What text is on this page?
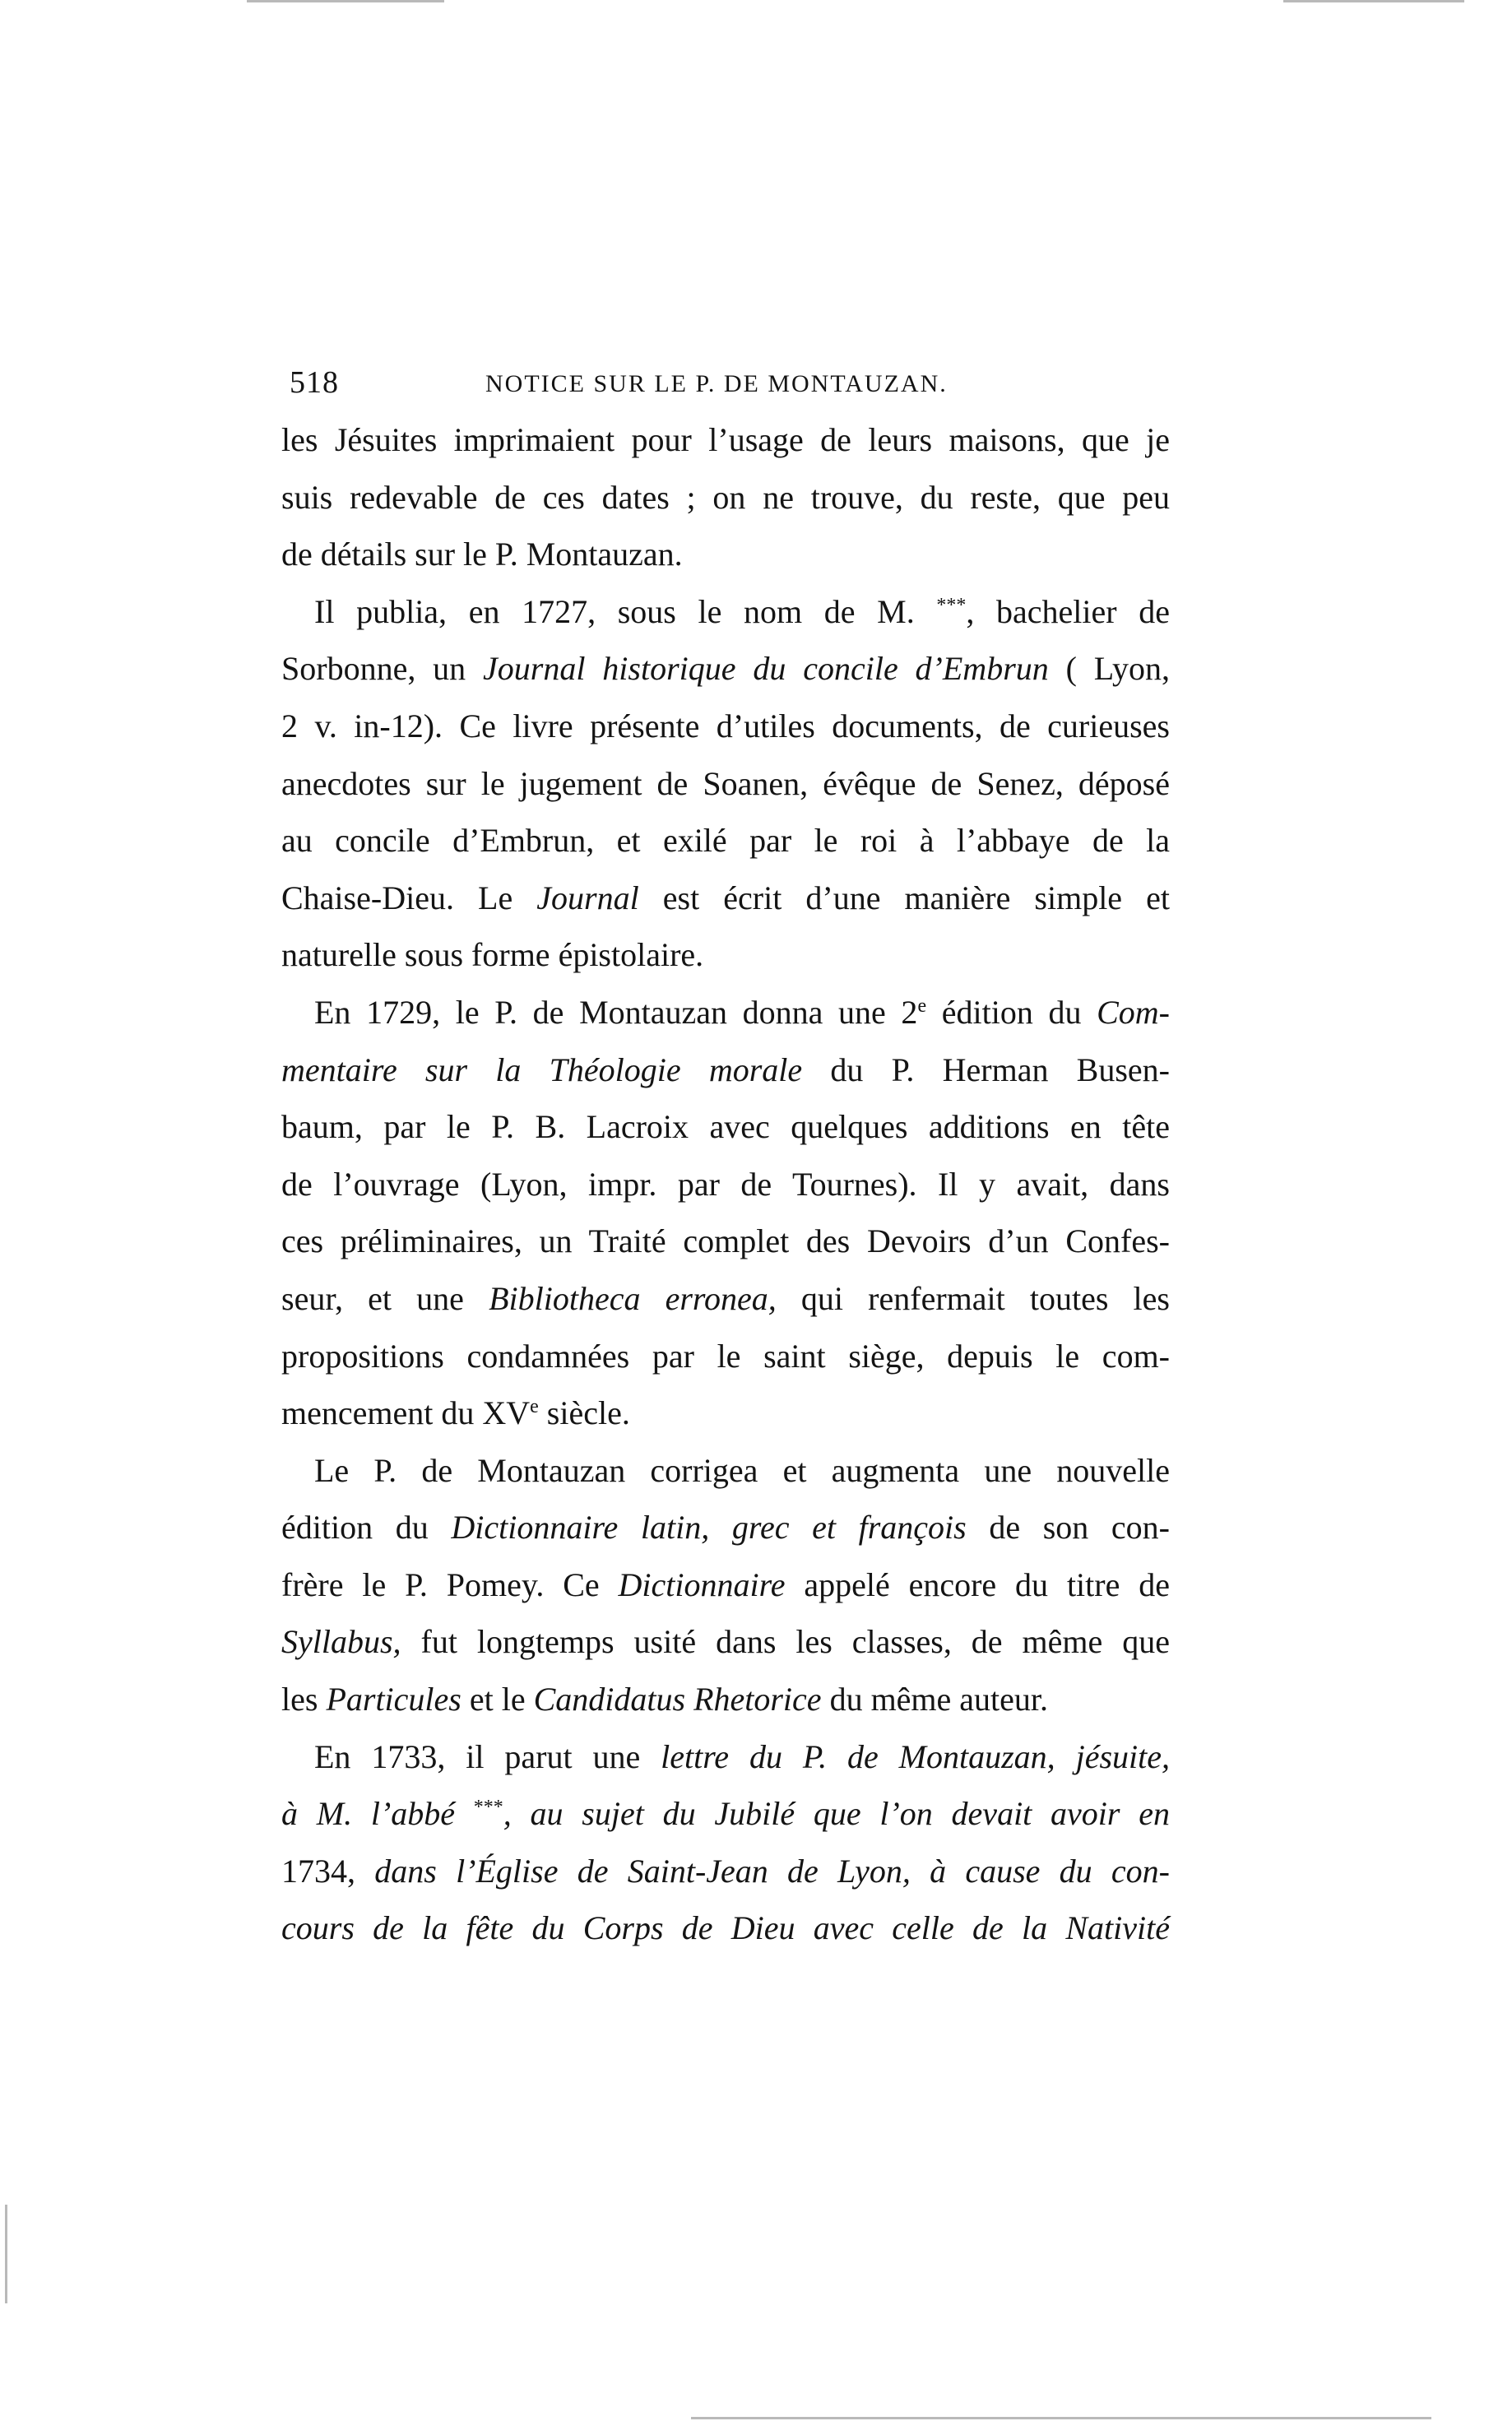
518	NOTICE SUR LE P. DE MONTAUZAN.
les Jésuites imprimaient pour l’usage de leurs maisons, que je
suis redevable de ces dates ; on ne trouve, du reste, que peu
de détails sur le P. Montauzan.
Il publia, en 1727, sous le nom de M. ***, bachelier de
Sorbonne, un Journal historique du concile d’Embrun ( Lyon,
2 v. in-12). Ce livre présente d’utiles documents, de curieuses
anecdotes sur le jugement de Soanen, évêque de Senez, déposé
au concile d’Embrun, et exilé par le roi à l’abbaye de la
Chaise-Dieu. Le Journal est écrit d’une manière simple et
naturelle sous forme épistolaire.
En 1729, le P. de Montauzan donna une 2e édition du Com-
mentaire sur la Théologie morale du P. Herman Busen-
baum, par le P. B. Lacroix avec quelques additions en tête
de l’ouvrage (Lyon, impr. par de Tournes). Il y avait, dans
ces préliminaires, un Traité complet des Devoirs d’un Confes-
seur, et une Bibliotheca erronea, qui renfermait toutes les
propositions condamnées par le saint siège, depuis le com-
mencement du XVe siècle.
Le P. de Montauzan corrigea et augmenta une nouvelle
édition du Dictionnaire latin, grec et françois de son con-
frère le P. Pomey. Ce Dictionnaire appelé encore du titre de
Syllabus, fut longtemps usité dans les classes, de même que
les Particules et le Candidatus Rhetorice du même auteur.
En 1733, il parut une lettre du P. de Montauzan, jésuite,
à M. l’abbé ***, au sujet du Jubilé que l’on devait avoir en
1734, dans l’Église de Saint-Jean de Lyon, à cause du con-
cours de la fête du Corps de Dieu avec celle de la Nativité
